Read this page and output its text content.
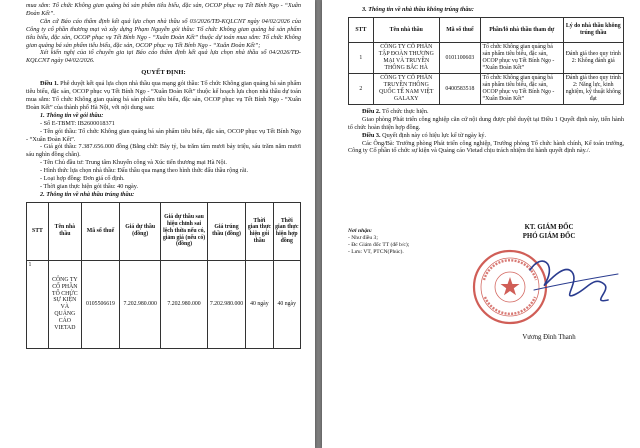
mua sắm: Tổ chức Không gian quảng bá sản phẩm tiêu biểu, đặc sản, OCOP phục vụ Tết Bính Ngọ - “Xuân Đoàn Kết”.

Căn cứ Báo cáo thẩm định kết quả lựa chọn nhà thầu số 03/2026/TĐ-KQLCNT ngày 04/02/2026 của Công ty cổ phần thương mại và xây dựng Phạm Nguyễn gói thầu: Tổ chức Không gian quảng bá sản phẩm tiêu biểu, đặc sản, OCOP phục vụ Tết Bính Ngọ - “Xuân Đoàn Kết” thuộc dự toán mua sắm: Tổ chức Không gian quảng bá sản phẩm tiêu biểu, đặc sản, OCOP phục vụ Tết Bính Ngọ - “Xuân Đoàn Kết”;

Xét kiến nghị của tổ chuyên gia tại Báo cáo thẩm định kết quả lựa chọn nhà thầu số 04/2026/TĐ-KQLCNT ngày 04/02/2026.

QUYẾT ĐỊNH:

Điều 1. Phê duyệt kết quả lựa chọn nhà thầu qua mạng gói thầu: Tổ chức Không gian quảng bá sản phẩm tiêu biểu, đặc sản, OCOP phục vụ Tết Bính Ngọ - “Xuân Đoàn Kết” thuộc kế hoạch lựa chọn nhà thầu dự toán mua sắm: Tổ chức Không gian quảng bá sản phẩm tiêu biểu, đặc sản, OCOP phục vụ Tết Bính Ngọ - “Xuân Đoàn Kết” của thành phố Hà Nội, với nội dung sau:

1. Thông tin về gói thầu:

- Số E-TBMT: IB2600018371

- Tên gói thầu: Tổ chức Không gian quảng bá sản phẩm tiêu biểu, đặc sản, OCOP phục vụ Tết Bính Ngọ - “Xuân Đoàn Kết”.

- Giá gói thầu: 7.387.656.000 đồng (Bằng chữ: Bảy tỷ, ba trăm tám mươi bảy triệu, sáu trăm năm mươi sáu nghìn đồng chẵn).

- Tên Chủ đầu tư: Trung tâm Khuyến công và Xúc tiến thương mại Hà Nội.

- Hình thức lựa chọn nhà thầu: Đấu thầu qua mạng theo hình thức đấu thầu rộng rãi.

- Loại hợp đồng: Đơn giá cố định.

- Thời gian thực hiện gói thầu: 40 ngày.

2. Thông tin về nhà thầu trúng thầu:

STT	Tên nhà thầu	Mã số thuế	Giá dự thầu (đồng)	Giá dự thầu sau hiệu chỉnh sai lệch thừa nếu có, giảm giá (nếu có) (đồng)	Giá trúng thầu (đồng)	Thời gian thực hiện gói thầu	Thời gian thực hiện hợp đồng
1	CÔNG TY CỔ PHẦN TỔ CHỨC SỰ KIỆN VÀ QUẢNG CÁO VIETAD	0105506619	7.202.980.000	7.202.980.000	7.202.980.000	40 ngày	40 ngày

3. Thông tin về nhà thầu không trúng thầu:

STT	Tên nhà thầu	Mã số thuế	Phần/lô nhà thầu tham dự	Lý do nhà thầu không trúng thầu
1	CÔNG TY CỔ PHẦN TẬP ĐOÀN THƯƠNG MẠI VÀ TRUYỀN THÔNG BẮC HÀ	0101100603	Tổ chức Không gian quảng bá sản phẩm tiêu biểu, đặc sản, OCOP phục vụ Tết Bính Ngọ - “Xuân Đoàn Kết”	Đánh giá theo quy trình 2: Không đánh giá
2	CÔNG TY CỔ PHẦN TRUYỀN THÔNG QUỐC TẾ NAM VIỆT GALAXY	0400583518	Tổ chức Không gian quảng bá sản phẩm tiêu biểu, đặc sản, OCOP phục vụ Tết Bính Ngọ - “Xuân Đoàn Kết”	Đánh giá theo quy trình 2: Năng lực, kinh nghiệm, kỹ thuật không đạt

Điều 2. Tổ chức thực hiện.

Giao phòng Phát triển công nghiệp căn cứ nội dung được phê duyệt tại Điều 1 Quyết định này, tiến hành tổ chức hoàn thiện hợp đồng.

Điều 3. Quyết định này có hiệu lực kể từ ngày ký.

Các Ông/Bà: Trưởng phòng Phát triển công nghiệp, Trưởng phòng Tổ chức hành chính, Kế toán trưởng, Công ty Cổ phần tổ chức sự kiện và Quảng cáo Vietad chịu trách nhiệm thi hành quyết định này./.

Nơi nhận:

- Như điều 3;

- Đc Giám đốc TT (để b/c);

- Lưu: VT, PTCN(Phúc).

KT. GIÁM ĐỐC

PHÓ GIÁM ĐỐC

Vương Đình Thanh
